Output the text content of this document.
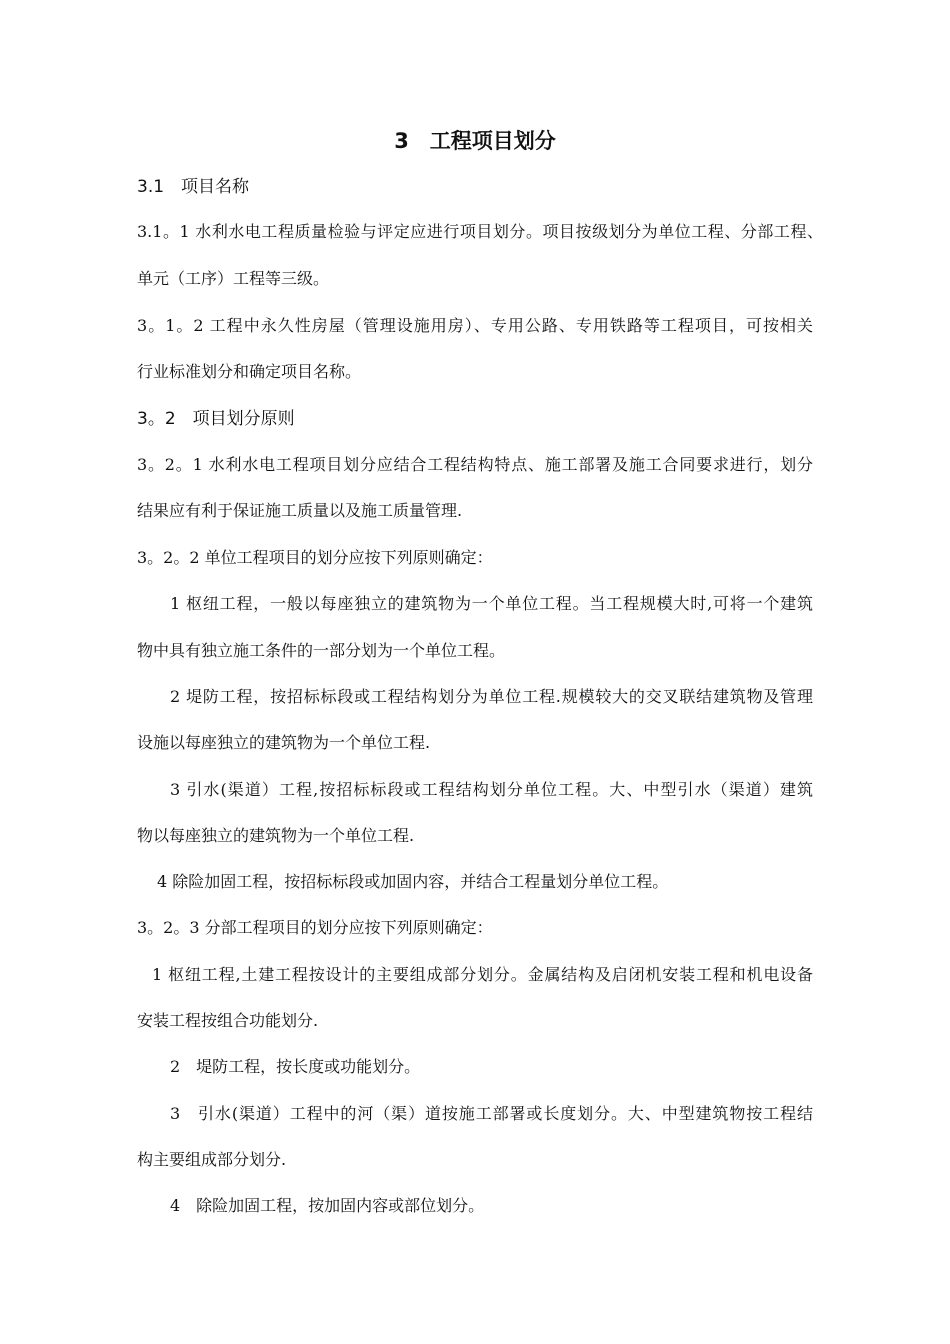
3　工程项目划分
3.1　项目名称
3.1。1 水利水电工程质量检验与评定应进行项目划分。项目按级划分为单位工程、分部工程、
单元（工序）工程等三级。
3。1。2 工程中永久性房屋（管理设施用房）、专用公路、专用铁路等工程项目，可按相关
行业标准划分和确定项目名称。
3。2　项目划分原则
3。2。1 水利水电工程项目划分应结合工程结构特点、施工部署及施工合同要求进行，划分
结果应有利于保证施工质量以及施工质量管理.
3。2。2 单位工程项目的划分应按下列原则确定：
1 枢纽工程，一般以每座独立的建筑物为一个单位工程。当工程规模大时,可将一个建筑
物中具有独立施工条件的一部分划为一个单位工程。
2 堤防工程，按招标标段或工程结构划分为单位工程.规模较大的交叉联结建筑物及管理
设施以每座独立的建筑物为一个单位工程.
3 引水(渠道）工程,按招标标段或工程结构划分单位工程。大、中型引水（渠道）建筑
物以每座独立的建筑物为一个单位工程.
4 除险加固工程，按招标标段或加固内容，并结合工程量划分单位工程。
3。2。3 分部工程项目的划分应按下列原则确定：
1 枢纽工程,土建工程按设计的主要组成部分划分。金属结构及启闭机安装工程和机电设备
安装工程按组合功能划分.
2　堤防工程，按长度或功能划分。
3　引水(渠道）工程中的河（渠）道按施工部署或长度划分。大、中型建筑物按工程结
构主要组成部分划分.
4　除险加固工程，按加固内容或部位划分。
